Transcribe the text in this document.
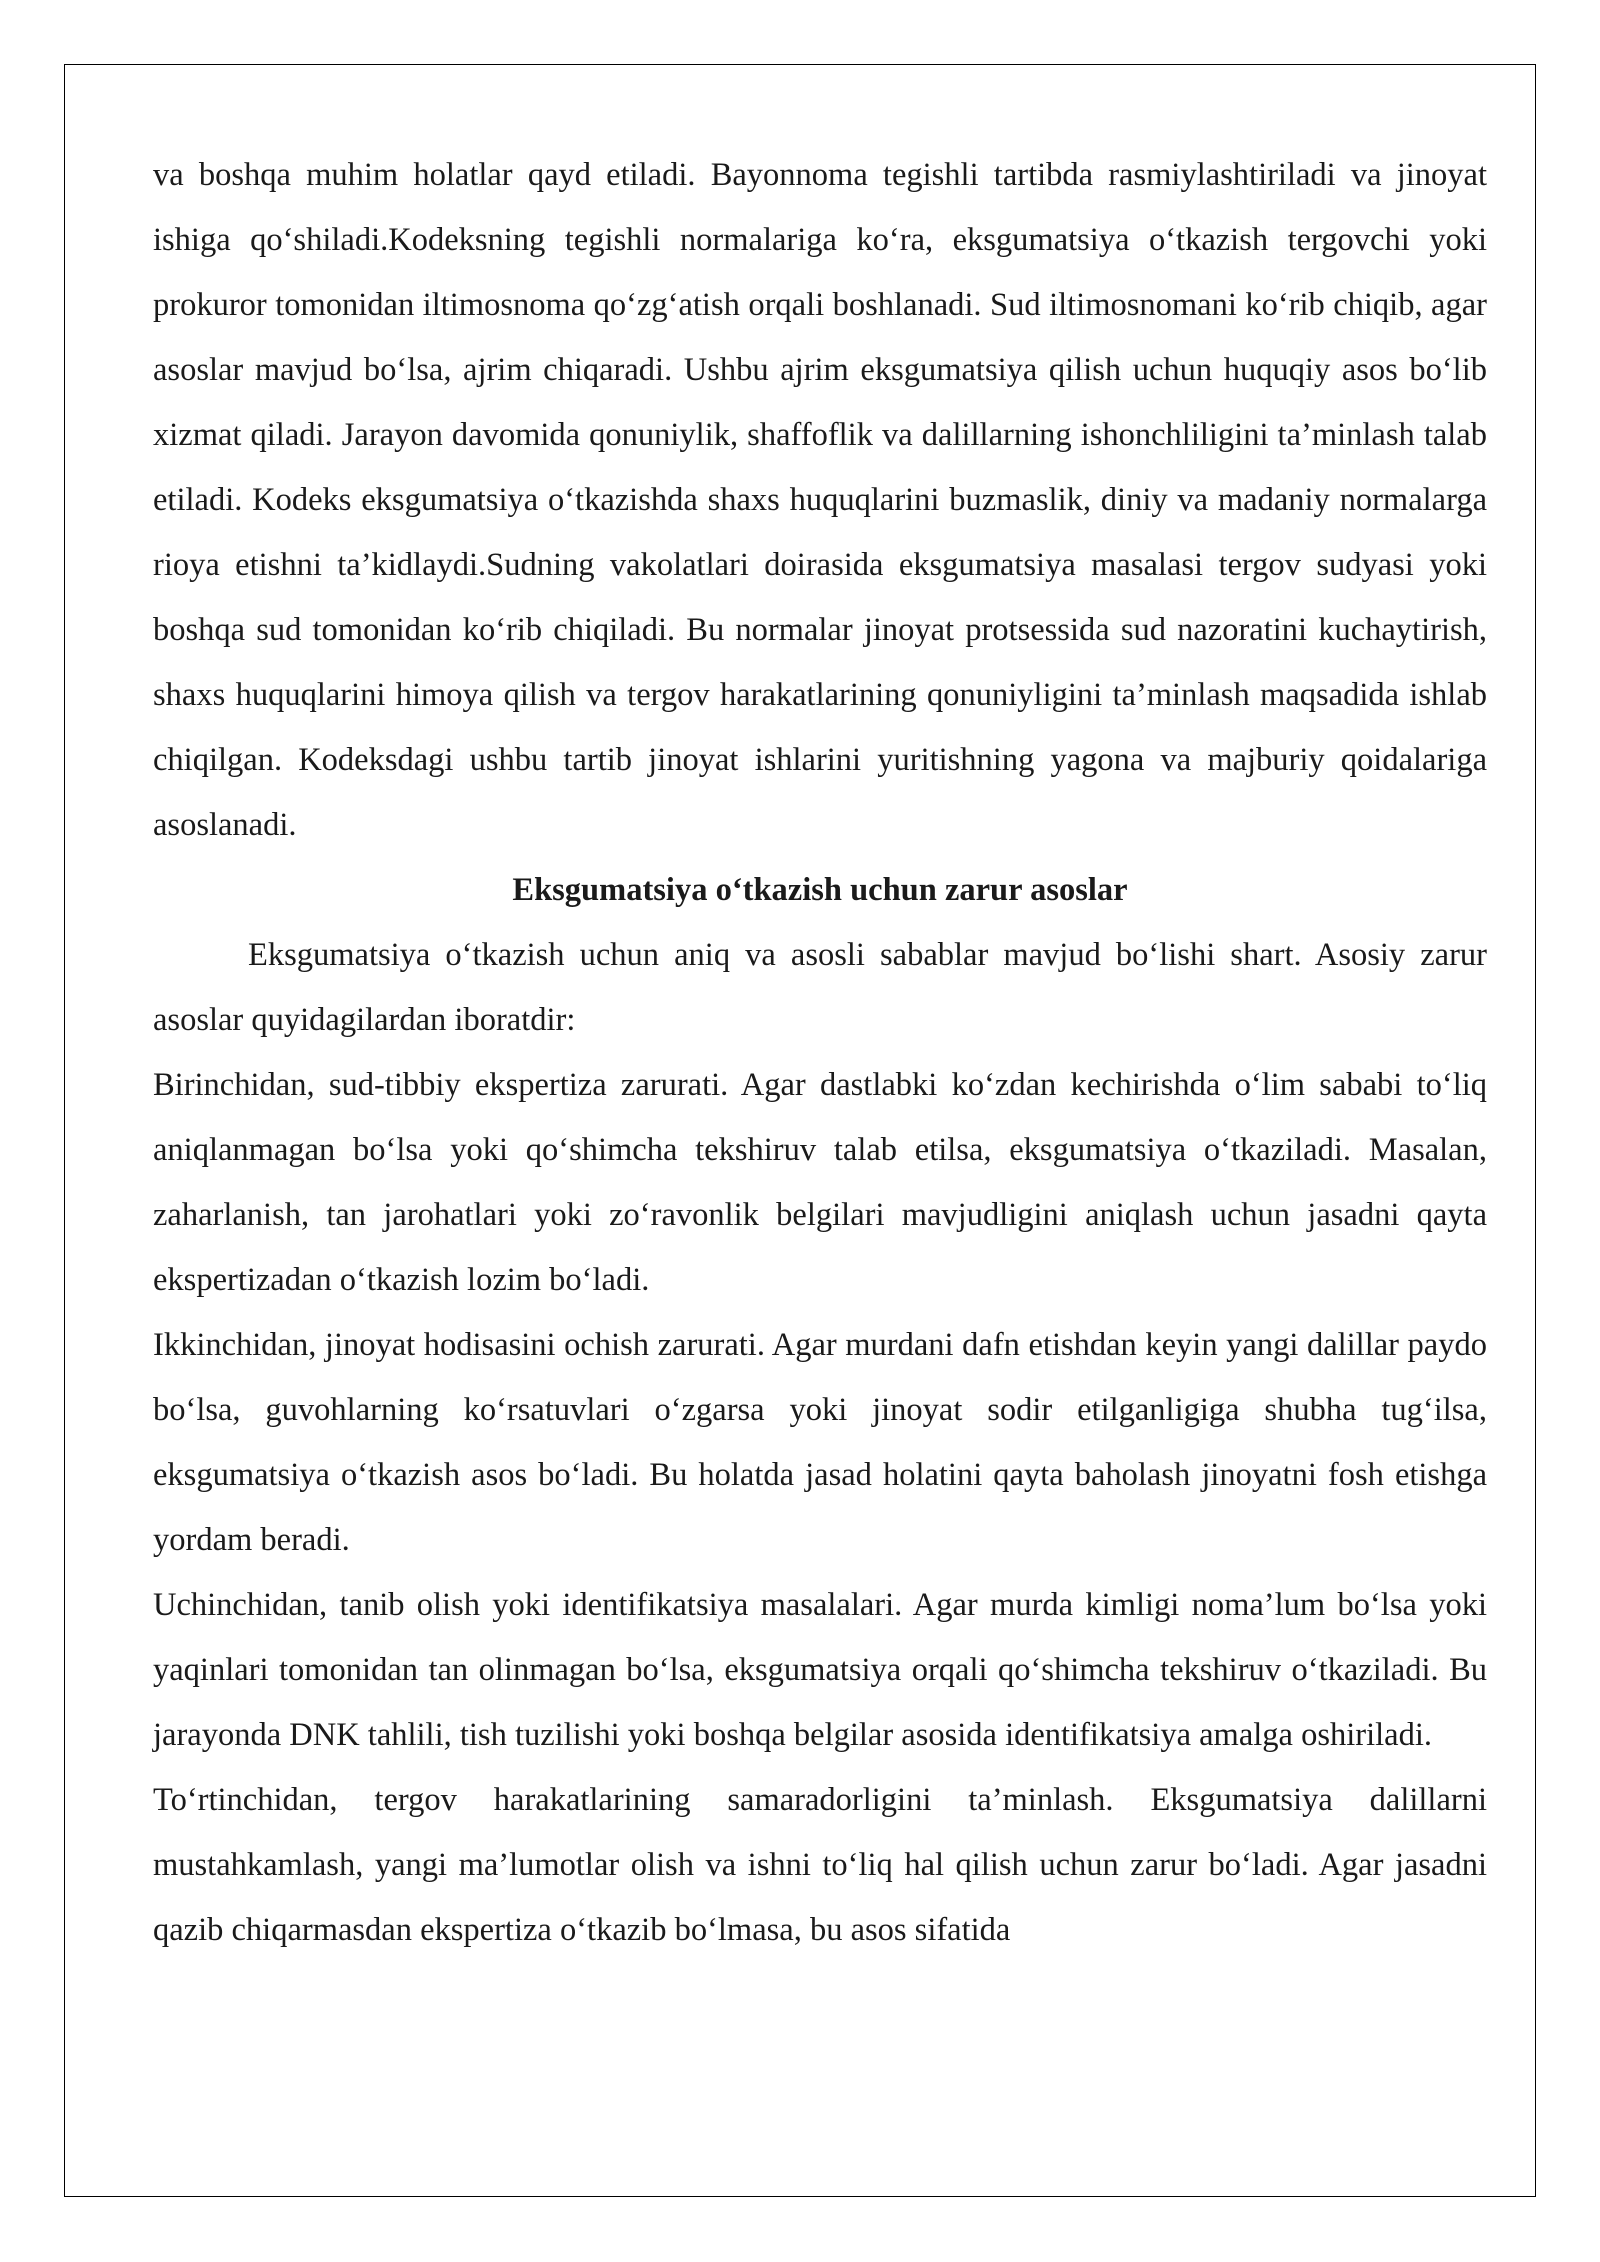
va boshqa muhim holatlar qayd etiladi. Bayonnoma tegishli tartibda rasmiylashtiriladi va jinoyat ishiga qo‘shiladi.Kodeksning tegishli normalariga ko‘ra, eksgumatsiya o‘tkazish tergovchi yoki prokuror tomonidan iltimosnoma qo‘zg‘atish orqali boshlanadi. Sud iltimosnomani ko‘rib chiqib, agar asoslar mavjud bo‘lsa, ajrim chiqaradi. Ushbu ajrim eksgumatsiya qilish uchun huquqiy asos bo‘lib xizmat qiladi. Jarayon davomida qonuniylik, shaffoflik va dalillarning ishonchliligini ta’minlash talab etiladi. Kodeks eksgumatsiya o‘tkazishda shaxs huquqlarini buzmaslik, diniy va madaniy normalarga rioya etishni ta’kidlaydi.Sudning vakolatlari doirasida eksgumatsiya masalasi tergov sudyasi yoki boshqa sud tomonidan ko‘rib chiqiladi. Bu normalar jinoyat protsessida sud nazoratini kuchaytirish, shaxs huquqlarini himoya qilish va tergov harakatlarining qonuniyligini ta’minlash maqsadida ishlab chiqilgan. Kodeksdagi ushbu tartib jinoyat ishlarini yuritishning yagona va majburiy qoidalariga asoslanadi.

Eksgumatsiya o‘tkazish uchun zarur asoslar

Eksgumatsiya o‘tkazish uchun aniq va asosli sabablar mavjud bo‘lishi shart. Asosiy zarur asoslar quyidagilardan iboratdir:

Birinchidan, sud-tibbiy ekspertiza zarurati. Agar dastlabki ko‘zdan kechirishda o‘lim sababi to‘liq aniqlanmagan bo‘lsa yoki qo‘shimcha tekshiruv talab etilsa, eksgumatsiya o‘tkaziladi. Masalan, zaharlanish, tan jarohatlari yoki zo‘ravonlik belgilari mavjudligini aniqlash uchun jasadni qayta ekspertizadan o‘tkazish lozim bo‘ladi.

Ikkinchidan, jinoyat hodisasini ochish zarurati. Agar murdani dafn etishdan keyin yangi dalillar paydo bo‘lsa, guvohlarning ko‘rsatuvlari o‘zgarsa yoki jinoyat sodir etilganligiga shubha tug‘ilsa, eksgumatsiya o‘tkazish asos bo‘ladi. Bu holatda jasad holatini qayta baholash jinoyatni fosh etishga yordam beradi.

Uchinchidan, tanib olish yoki identifikatsiya masalalari. Agar murda kimligi noma’lum bo‘lsa yoki yaqinlari tomonidan tan olinmagan bo‘lsa, eksgumatsiya orqali qo‘shimcha tekshiruv o‘tkaziladi. Bu jarayonda DNK tahlili, tish tuzilishi yoki boshqa belgilar asosida identifikatsiya amalga oshiriladi.

To‘rtinchidan, tergov harakatlarining samaradorligini ta’minlash. Eksgumatsiya dalillarni mustahkamlash, yangi ma’lumotlar olish va ishni to‘liq hal qilish uchun zarur bo‘ladi. Agar jasadni qazib chiqarmasdan ekspertiza o‘tkazib bo‘lmasa, bu asos sifatida
